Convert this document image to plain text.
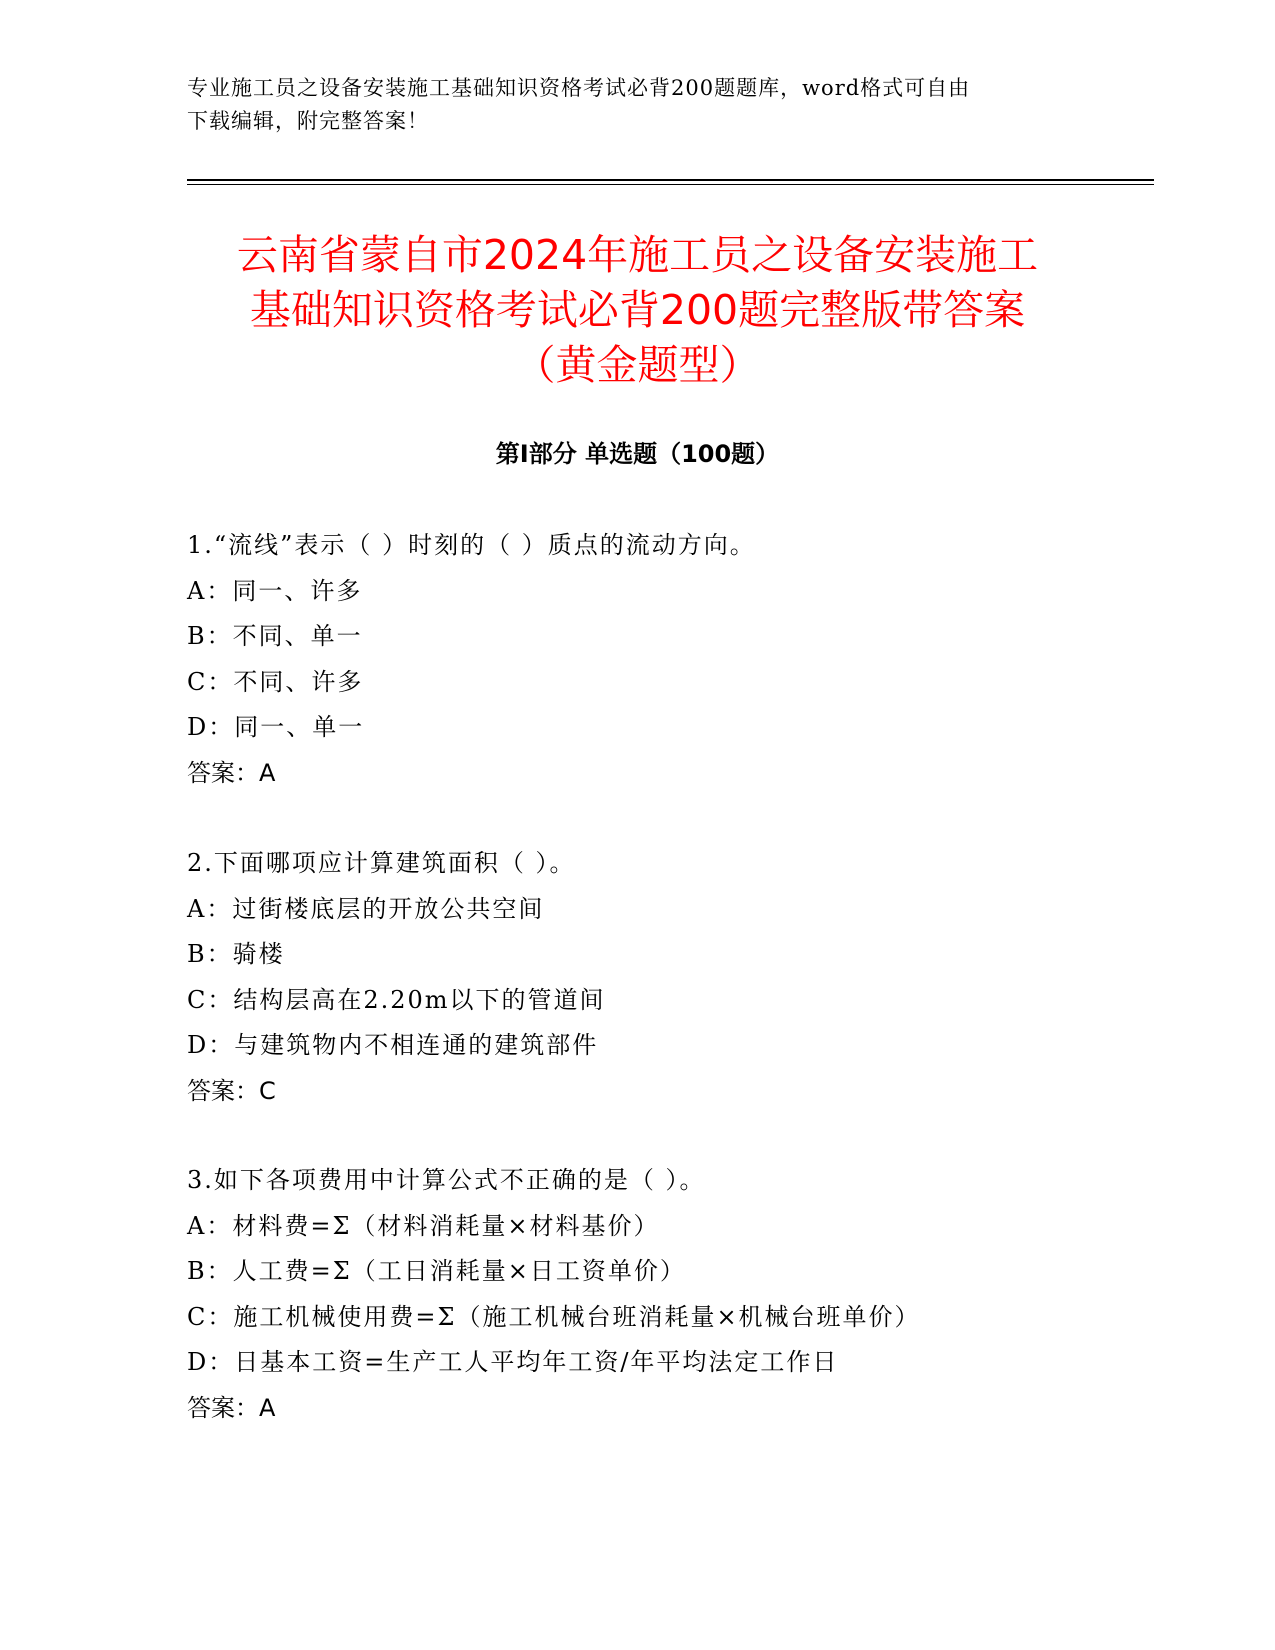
专业施工员之设备安装施工基础知识资格考试必背200题题库，word格式可自由
下载编辑，附完整答案！
云南省蒙自市2024年施工员之设备安装施工
基础知识资格考试必背200题完整版带答案
（黄金题型）
第Ⅰ部分 单选题（100题）
1.“流线”表示（ ）时刻的（ ）质点的流动方向。
A：同一、许多
B：不同、单一
C：不同、许多
D：同一、单一
答案：A
2.下面哪项应计算建筑面积（ ）。
A：过街楼底层的开放公共空间
B：骑楼
C：结构层高在2.20m以下的管道间
D：与建筑物内不相连通的建筑部件
答案：C
3.如下各项费用中计算公式不正确的是（ ）。
A：材料费=Σ（材料消耗量×材料基价）
B：人工费=Σ（工日消耗量×日工资单价）
C：施工机械使用费=Σ（施工机械台班消耗量×机械台班单价）
D：日基本工资=生产工人平均年工资/年平均法定工作日
答案：A
